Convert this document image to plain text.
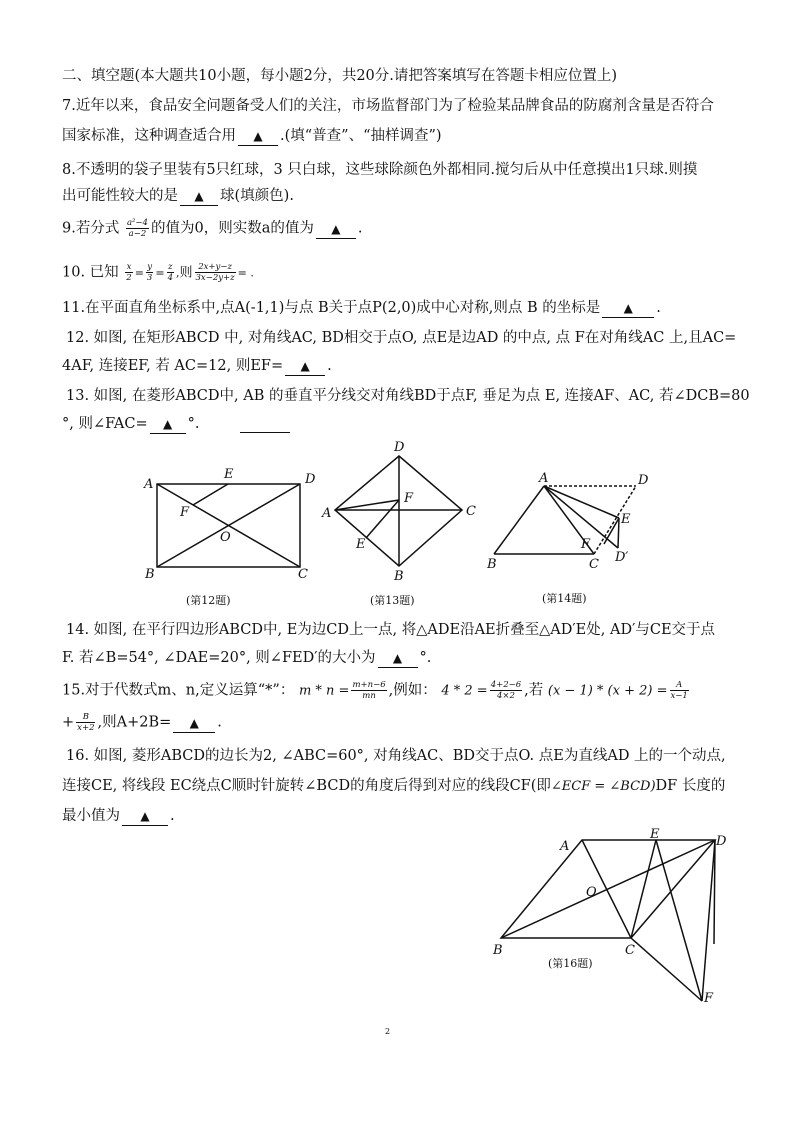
二、填空题(本大题共10小题，每小题2分，共20分.请把答案填写在答题卡相应位置上)
7.近年以来，食品安全问题备受人们的关注，市场监督部门为了检验某品牌食品的防腐剂含量是否符合
国家标准，这种调查适合用 ▲ .(填“普查”、“抽样调查”)
8.不透明的袋子里装有5只红球，3 只白球，这些球除颜色外都相同.搅匀后从中任意摸出1只球.则摸
出可能性较大的是 ▲ 球(填颜色).
9.若分式 $\frac{\text{a²−4}}{a-2}$ 的值为0，则实数a的值为 ▲ .
10. 已知 $\frac{x}{2} = \frac{y}{3} = \frac{z}{4}$ ,则 $\frac{2x+y-z}{3x-2y+z}$ = .
11.在平面直角坐标系中,点A(-1,1)与点 B关于点P(2,0)成中心对称,则点 B 的坐标是 ▲ .
12. 如图, 在矩形ABCD 中, 对角线AC, BD相交于点O, 点E是边AD 的中点, 点 F在对角线AC 上,且AC=
4AF, 连接EF, 若 AC=12, 则EF= ▲ .
13. 如图, 在菱形ABCD中, AB 的垂直平分线交对角线BD于点F, 垂足为点 E, 连接AF、AC, 若∠DCB=80
°, 则∠FAC= ▲ °.
A
E	D
F
O
B	C
(第12题)
D
F
A	C
E
B
(第13题)
A	D
E
F
D′
B	C
(第14题)
14. 如图, 在平行四边形ABCD中, E为边CD上一点, 将△ADE沿AE折叠至△AD′E处, AD′与CE交于点
F. 若∠B=54°, ∠DAE=20°, 则∠FED′的大小为 ▲ °.
15.对于代数式m、n,定义运算“*”： $m * n = \frac{m+n-6}{mn}$ ,例如： $4 * 2 = \frac{4+2-6}{4\times 2}$ ,若 $(x - 1) * (x + 2) = \frac{A}{x-1}$
+ $\frac{B}{x+2}$ ,则A+2B= ▲ .
16. 如图, 菱形ABCD的边长为2, ∠ABC=60°, 对角线AC、BD交于点O. 点E为直线AD 上的一个动点,
连接CE, 将线段 EC绕点C顺时针旋转∠BCD的角度后得到对应的线段CF(即∠ECF = ∠BCD)DF 长度的
最小值为 ▲ .
A
E	D
O
B	C
F
(第16题)
2
